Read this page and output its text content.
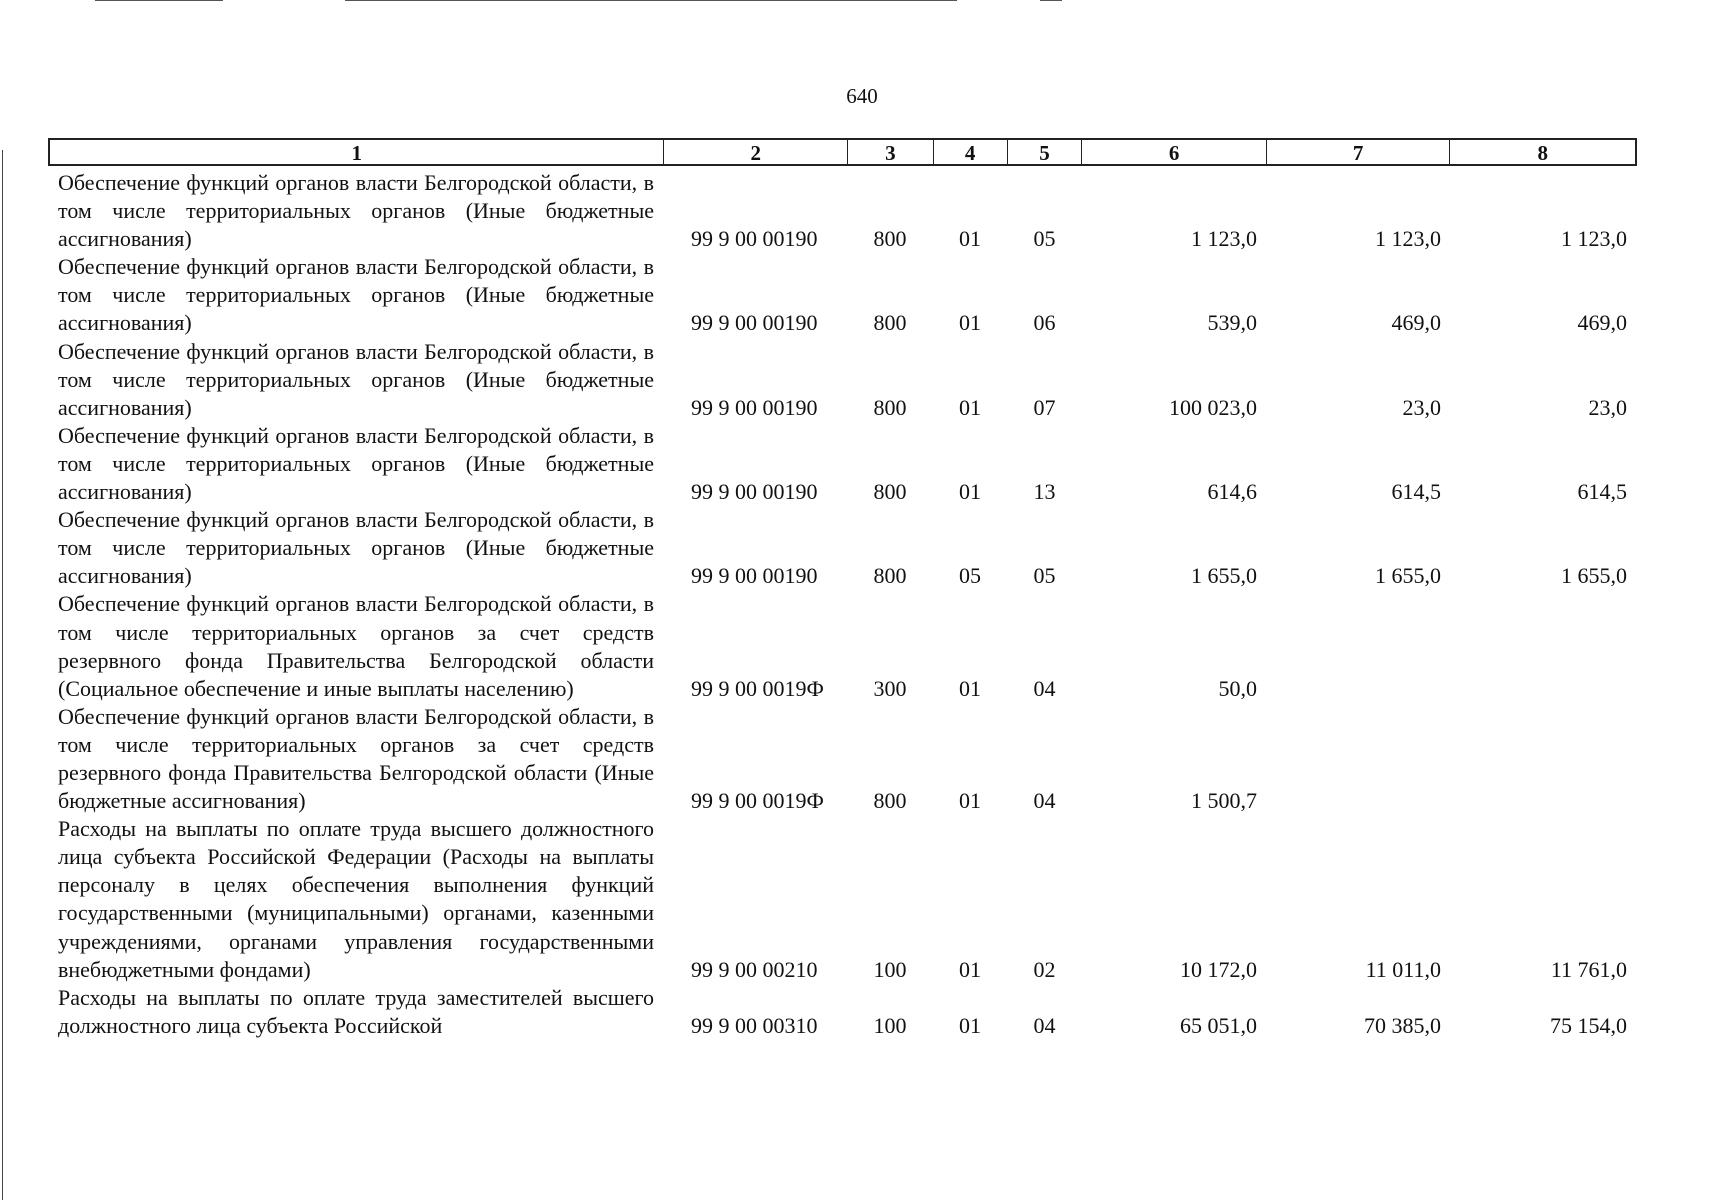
640
1	2	3	4	5	6	7	8
Обеспечение функций органов власти Белгородской области, в том числе территориальных органов (Иные бюджетные ассигнования)	99 9 00 00190	800	01	05	1 123,0	1 123,0	1 123,0
Обеспечение функций органов власти Белгородской области, в том числе территориальных органов (Иные бюджетные ассигнования)	99 9 00 00190	800	01	06	539,0	469,0	469,0
Обеспечение функций органов власти Белгородской области, в том числе территориальных органов (Иные бюджетные ассигнования)	99 9 00 00190	800	01	07	100 023,0	23,0	23,0
Обеспечение функций органов власти Белгородской области, в том числе территориальных органов (Иные бюджетные ассигнования)	99 9 00 00190	800	01	13	614,6	614,5	614,5
Обеспечение функций органов власти Белгородской области, в том числе территориальных органов (Иные бюджетные ассигнования)	99 9 00 00190	800	05	05	1 655,0	1 655,0	1 655,0
Обеспечение функций органов власти Белгородской области, в том числе территориальных органов за счет средств резервного фонда Правительства Белгородской области (Социальное обеспечение и иные выплаты населению)	99 9 00 0019Ф	300	01	04	50,0
Обеспечение функций органов власти Белгородской области, в том числе территориальных органов за счет средств резервного фонда Правительства Белгородской области (Иные бюджетные ассигнования)	99 9 00 0019Ф	800	01	04	1 500,7
Расходы на выплаты по оплате труда высшего должностного лица субъекта Российской Федерации (Расходы на выплаты персоналу в целях обеспечения выполнения функций государственными (муниципальными) органами, казенными учреждениями, органами управления государственными внебюджетными фондами)	99 9 00 00210	100	01	02	10 172,0	11 011,0	11 761,0
Расходы на выплаты по оплате труда заместителей высшего должностного лица субъекта Российской	99 9 00 00310	100	01	04	65 051,0	70 385,0	75 154,0
